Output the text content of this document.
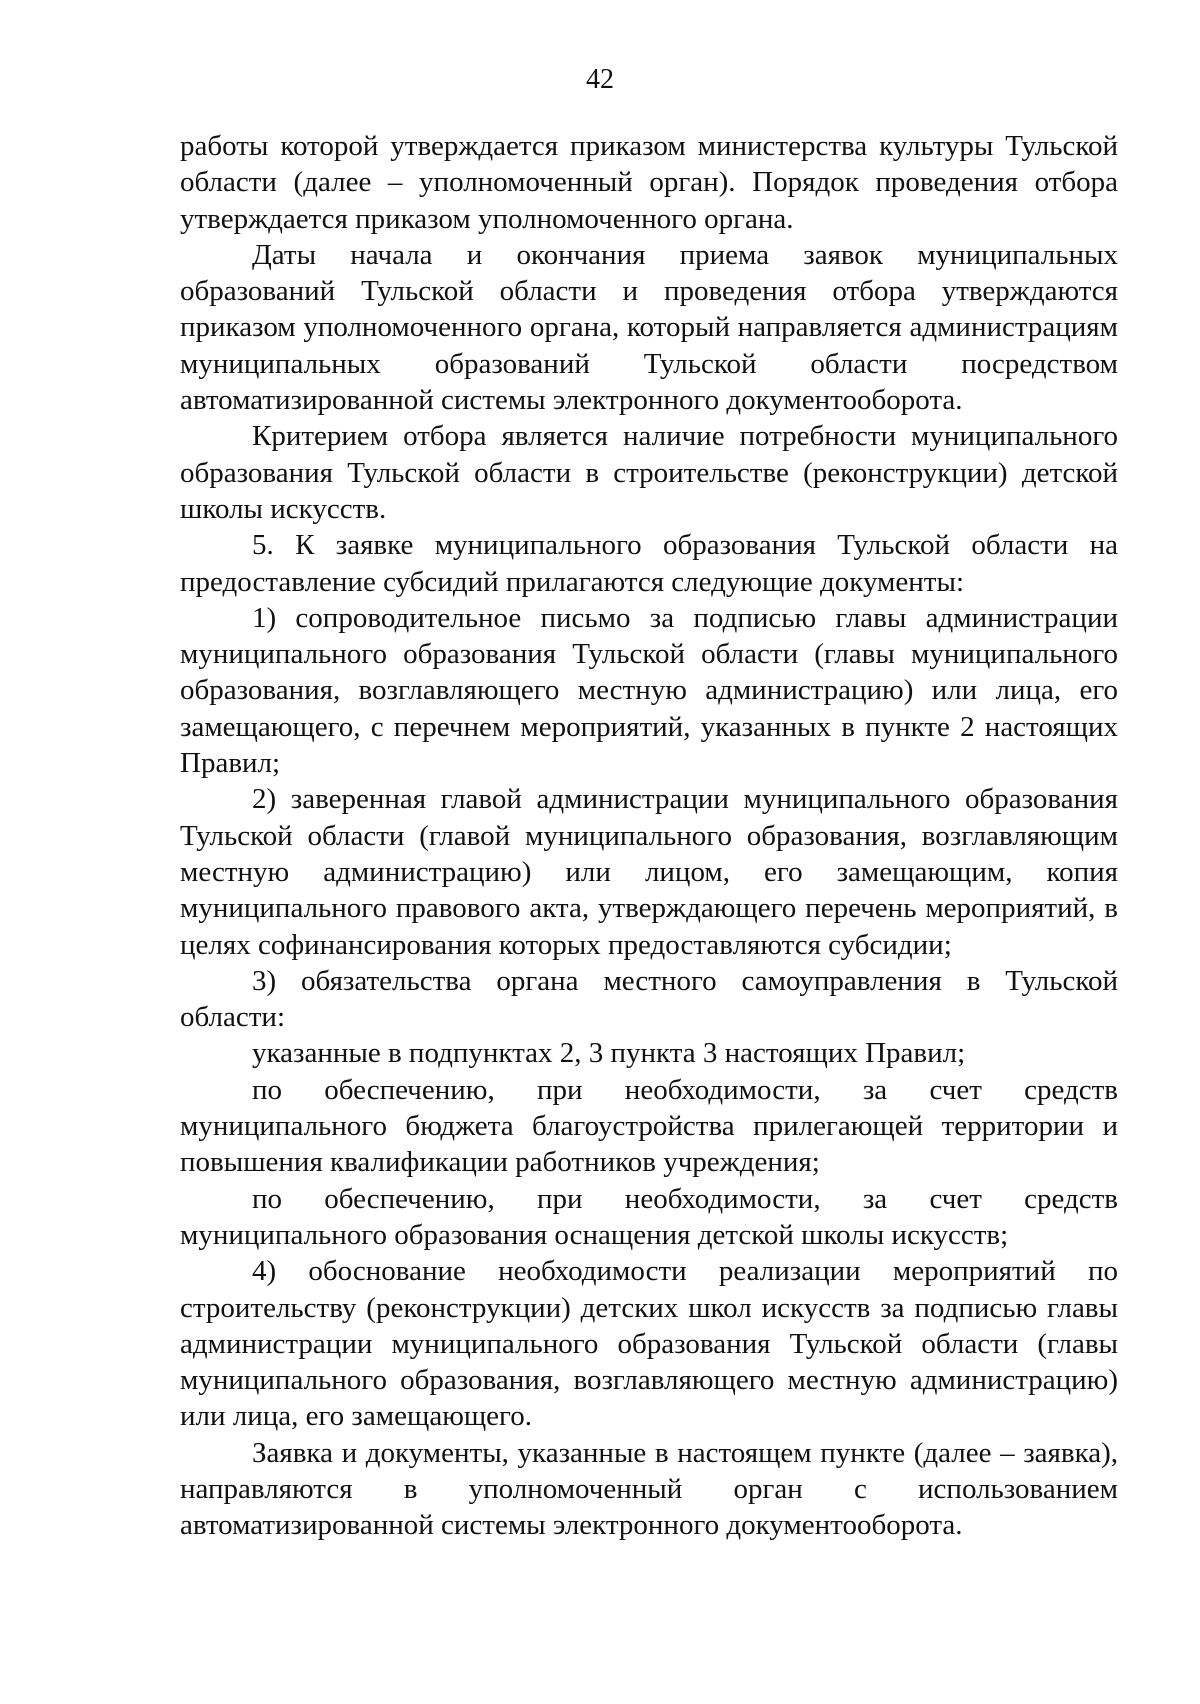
42

работы которой утверждается приказом министерства культуры Тульской области (далее – уполномоченный орган). Порядок проведения отбора утверждается приказом уполномоченного органа.

Даты начала и окончания приема заявок муниципальных образований Тульской области и проведения отбора утверждаются приказом уполномоченного органа, который направляется администрациям муниципальных образований Тульской области посредством автоматизированной системы электронного документооборота.

Критерием отбора является наличие потребности муниципального образования Тульской области в строительстве (реконструкции) детской школы искусств.

5. К заявке муниципального образования Тульской области на предоставление субсидий прилагаются следующие документы:

1) сопроводительное письмо за подписью главы администрации муниципального образования Тульской области (главы муниципального образования, возглавляющего местную администрацию) или лица, его замещающего, с перечнем мероприятий, указанных в пункте 2 настоящих Правил;

2) заверенная главой администрации муниципального образования Тульской области (главой муниципального образования, возглавляющим местную администрацию) или лицом, его замещающим, копия муниципального правового акта, утверждающего перечень мероприятий, в целях софинансирования которых предоставляются субсидии;

3) обязательства органа местного самоуправления в Тульской области:

указанные в подпунктах 2, 3 пункта 3 настоящих Правил;

по обеспечению, при необходимости, за счет средств муниципального бюджета благоустройства прилегающей территории и повышения квалификации работников учреждения;

по обеспечению, при необходимости, за счет средств муниципального образования оснащения детской школы искусств;

4) обоснование необходимости реализации мероприятий по строительству (реконструкции) детских школ искусств за подписью главы администрации муниципального образования Тульской области (главы муниципального образования, возглавляющего местную администрацию) или лица, его замещающего.

Заявка и документы, указанные в настоящем пункте (далее – заявка), направляются в уполномоченный орган с использованием автоматизированной системы электронного документооборота.
